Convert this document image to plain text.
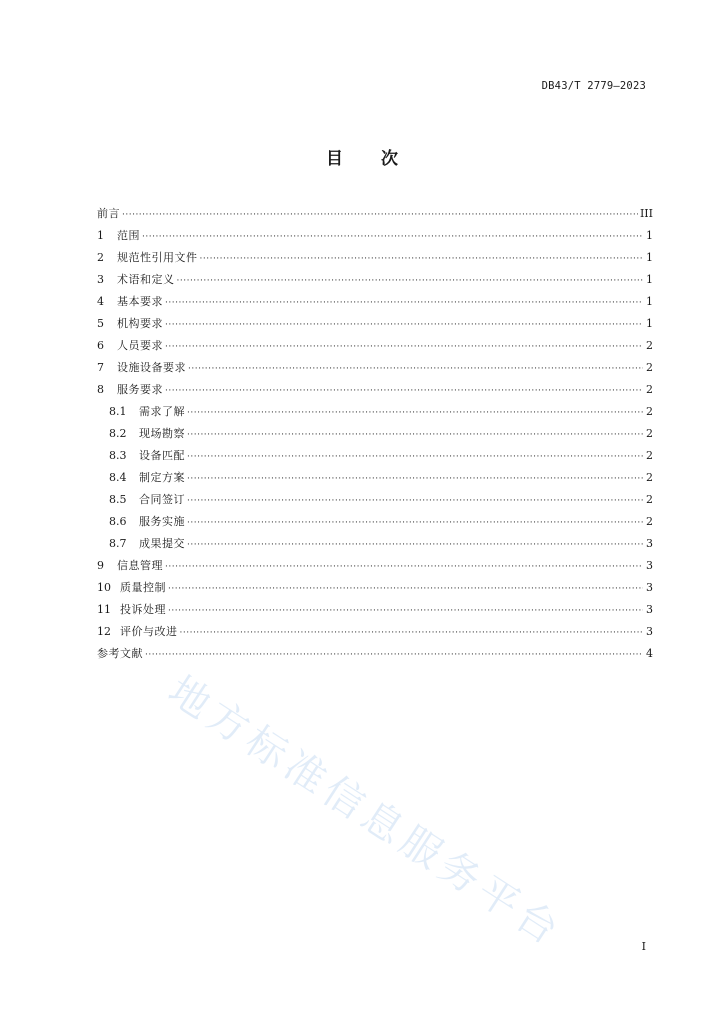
DB43/T 2779—2023
目 次
前言 ·····	III
1	范围 ·····	1
2	规范性引用文件 ·····	1
3	术语和定义 ·····	1
4	基本要求 ·····	1
5	机构要求 ·····	1
6	人员要求 ·····	2
7	设施设备要求 ·····	2
8	服务要求 ·····	2
8.1	需求了解 ·····	2
8.2	现场勘察 ·····	2
8.3	设备匹配 ·····	2
8.4	制定方案 ·····	2
8.5	合同签订 ·····	2
8.6	服务实施 ·····	2
8.7	成果提交 ·····	3
9	信息管理 ·····	3
10 质量控制 ·····	3
11 投诉处理 ·····	3
12 评价与改进 ·····	3
参考文献 ·····	4
地方标准信息服务平台	I
